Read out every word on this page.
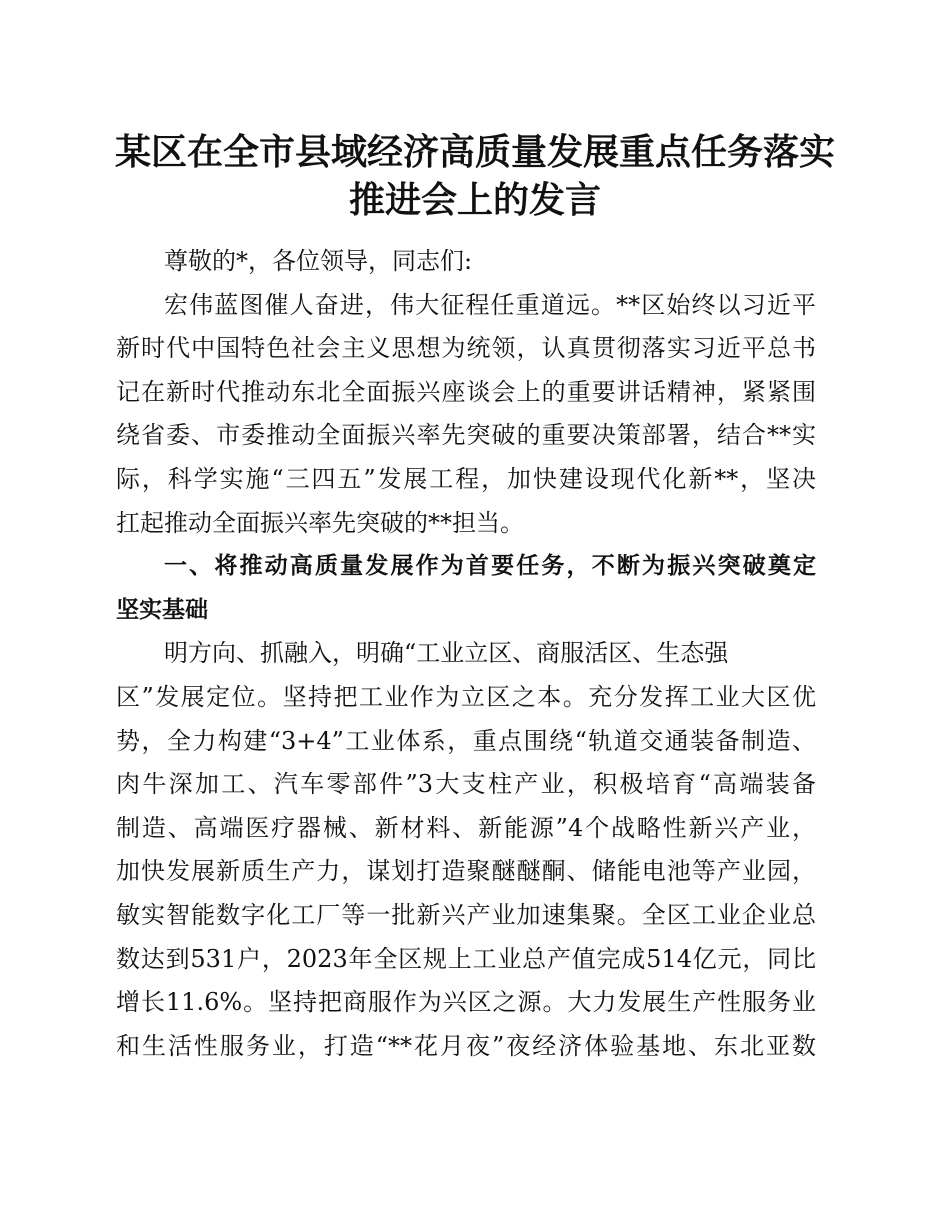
某区在全市县域经济高质量发展重点任务落实
推进会上的发言
尊敬的*，各位领导，同志们:
宏伟蓝图催人奋进，伟大征程任重道远。**区始终以习近平
新时代中国特色社会主义思想为统领，认真贯彻落实习近平总书
记在新时代推动东北全面振兴座谈会上的重要讲话精神，紧紧围
绕省委、市委推动全面振兴率先突破的重要决策部署，结合**实
际，科学实施“三四五”发展工程，加快建设现代化新**，坚决
扛起推动全面振兴率先突破的**担当。
一、将推动高质量发展作为首要任务，不断为振兴突破奠定
坚实基础
明方向、抓融入，明确“工业立区、商服活区、生态强
区”发展定位。坚持把工业作为立区之本。充分发挥工业大区优
势，全力构建“3+4”工业体系，重点围绕“轨道交通装备制造、
肉牛深加工、汽车零部件”3大支柱产业，积极培育“高端装备
制造、高端医疗器械、新材料、新能源”4个战略性新兴产业，
加快发展新质生产力，谋划打造聚醚醚酮、储能电池等产业园，
敏实智能数字化工厂等一批新兴产业加速集聚。全区工业企业总
数达到531户，2023年全区规上工业总产值完成514亿元，同比
增长11.6%。坚持把商服作为兴区之源。大力发展生产性服务业
和生活性服务业，打造“**花月夜”夜经济体验基地、东北亚数
